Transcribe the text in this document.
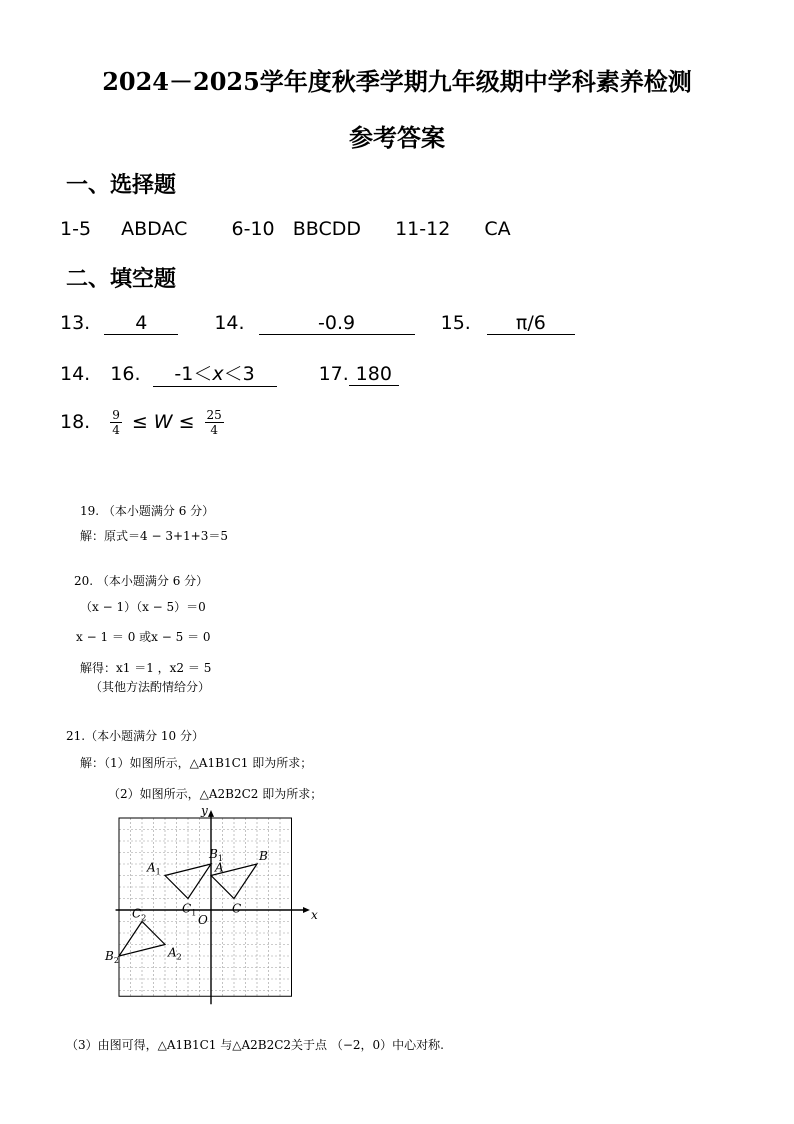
2024－2025学年度秋季学期九年级期中学科素养检测
参考答案
一、选择题
1-5 ABDAC 6-10 BBCDD 11-12 CA
二、填空题
13. 4	14.	-0.9	15. π/6
14. 16. -1＜x＜3	17. 180
18. $\frac{9}{4} \le W \le \frac{25}{4}$
19. （本小题满分 6 分）
解：原式＝4 − 3+1+3＝5
20. （本小题满分 6 分）
（x − 1）（x − 5）＝0
x − 1 ＝ 0 或x − 5 ＝ 0
解得：x1 ＝1 ，x2 ＝ 5
（其他方法酌情给分）
21.（本小题满分 10 分）
解：（1）如图所示，△A1B1C1 即为所求；
（2）如图所示，△A2B2C2 即为所求；
A
B
C
$A_1$
$B_1$
$C_1$
$A_2$
$B_2$
$C_2$	O	x
y
（3）由图可得，△A1B1C1 与△A2B2C2关于点 （−2，0）中心对称.
